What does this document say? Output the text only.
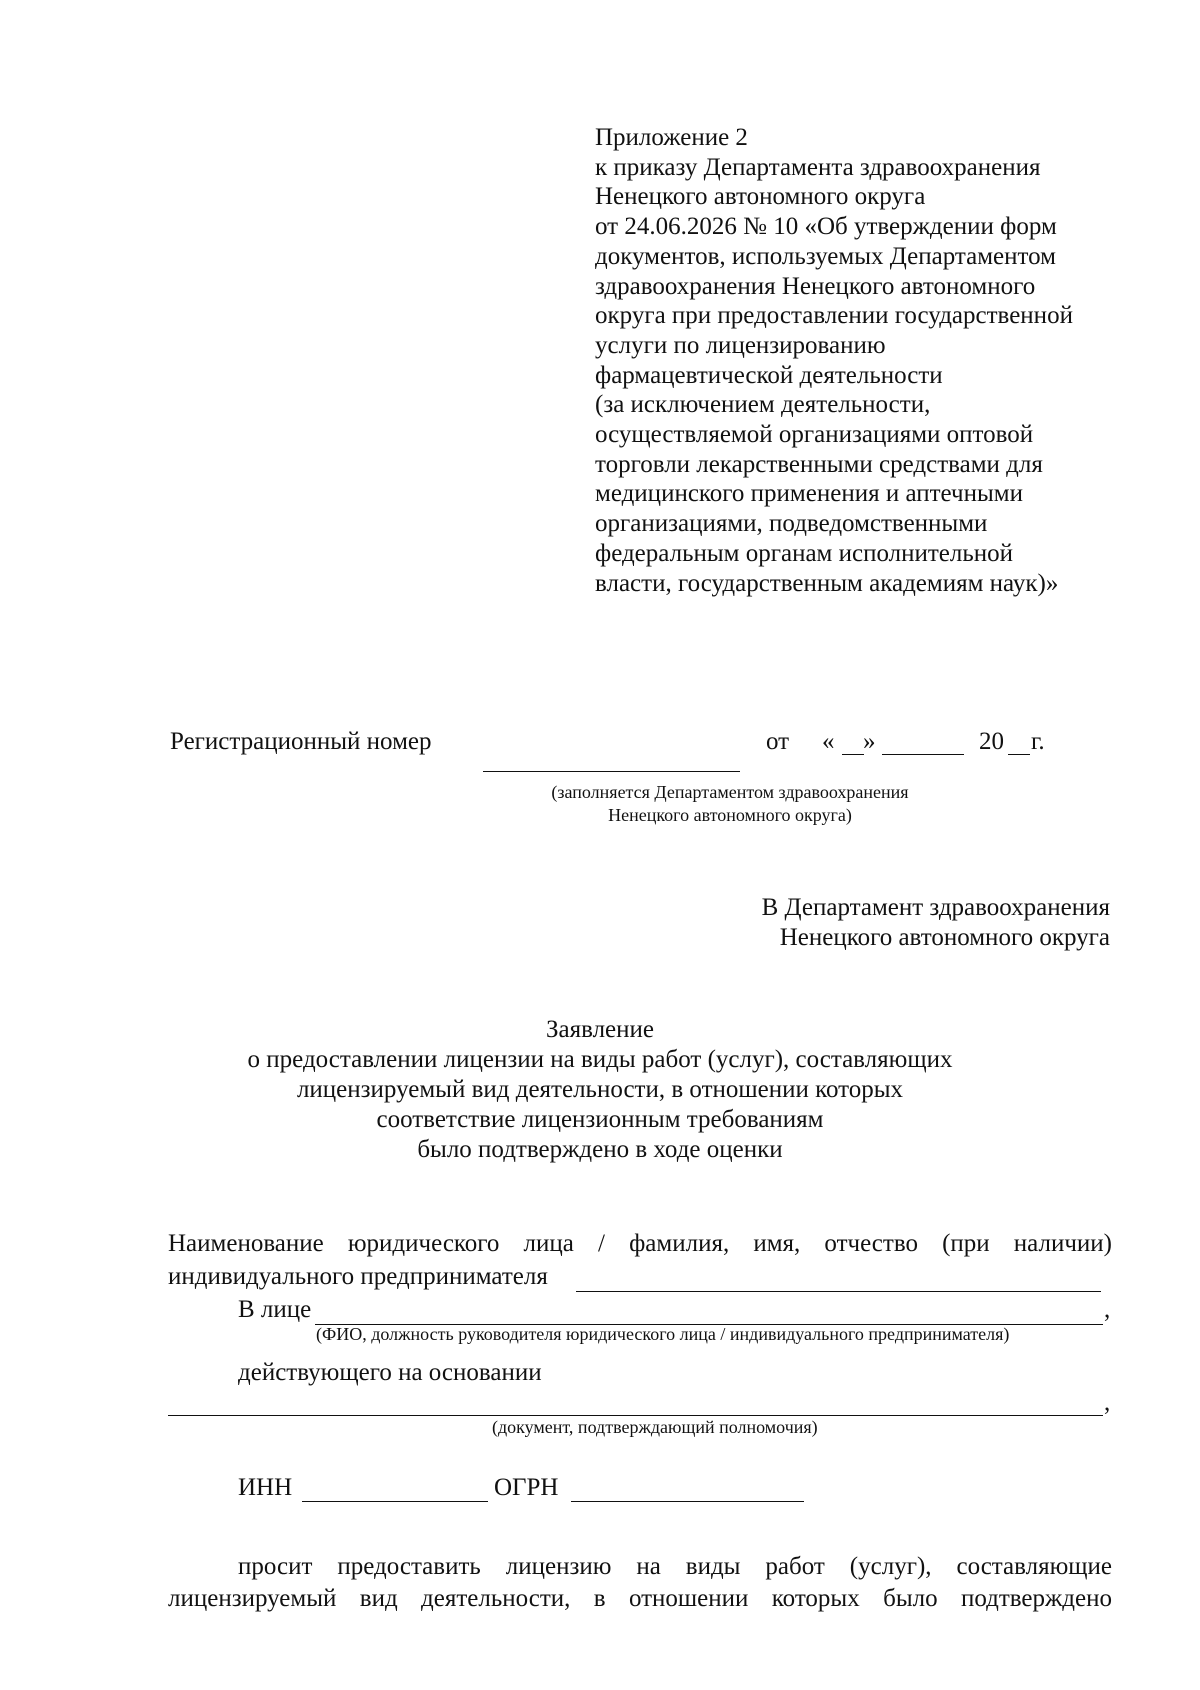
Приложение 2
к приказу Департамента здравоохранения
Ненецкого автономного округа
от 24.06.2026 № 10 «Об утверждении форм
документов, используемых Департаментом
здравоохранения Ненецкого автономного
округа при предоставлении государственной
услуги по лицензированию
фармацевтической деятельности
(за исключением деятельности,
осуществляемой организациями оптовой
торговли лекарственными средствами для
медицинского применения и аптечными
организациями, подведомственными
федеральным органам исполнительной
власти, государственным академиям наук)»
Регистрационный номер	от « »	20 г.
(заполняется Департаментом здравоохранения
Ненецкого автономного округа)
В Департамент здравоохранения
Ненецкого автономного округа
Заявление
о предоставлении лицензии на виды работ (услуг), составляющих
лицензируемый вид деятельности, в отношении которых
соответствие лицензионным требованиям
было подтверждено в ходе оценки
Наименование юридического лица / фамилия, имя, отчество (при наличии)
индивидуального предпринимателя
В лице	,
(ФИО, должность руководителя юридического лица / индивидуального предпринимателя)
действующего на основании
,
(документ, подтверждающий полномочия)
ИНН	ОГРН
просит предоставить лицензию на виды работ (услуг), составляющие
лицензируемый вид деятельности, в отношении которых было подтверждено
